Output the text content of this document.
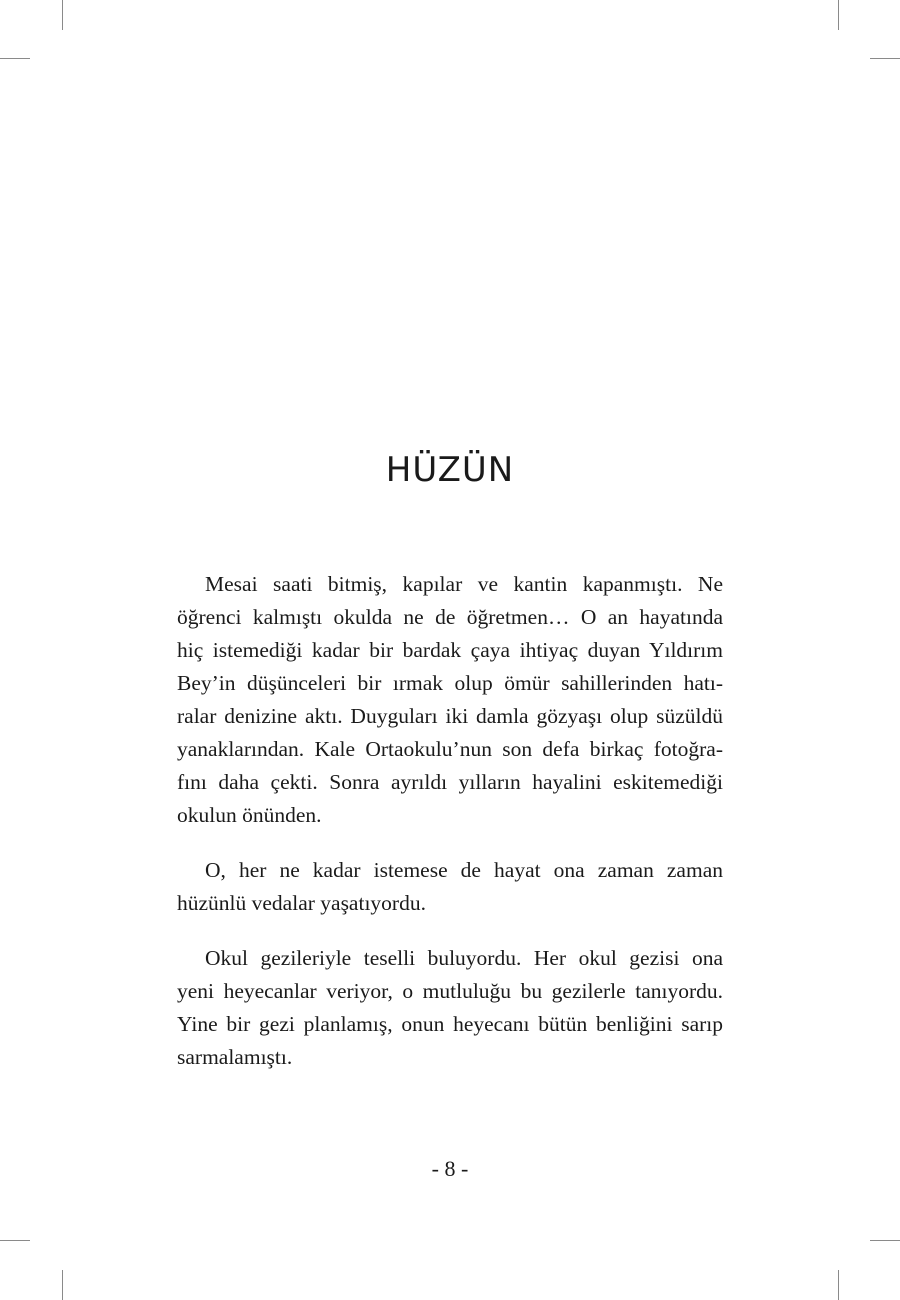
HÜZÜN

Mesai saati bitmiş, kapılar ve kantin kapanmıştı. Ne
öğrenci kalmıştı okulda ne de öğretmen… O an hayatında
hiç istemediği kadar bir bardak çaya ihtiyaç duyan Yıldırım
Bey’in düşünceleri bir ırmak olup ömür sahillerinden hatı-
ralar denizine aktı. Duyguları iki damla gözyaşı olup süzüldü
yanaklarından. Kale Ortaokulu’nun son defa birkaç fotoğra-
fını daha çekti. Sonra ayrıldı yılların hayalini eskitemediği
okulun önünden.

O, her ne kadar istemese de hayat ona zaman zaman
hüzünlü vedalar yaşatıyordu.

Okul gezileriyle teselli buluyordu. Her okul gezisi ona
yeni heyecanlar veriyor, o mutluluğu bu gezilerle tanıyordu.
Yine bir gezi planlamış, onun heyecanı bütün benliğini sarıp
sarmalamıştı.

- 8 -
